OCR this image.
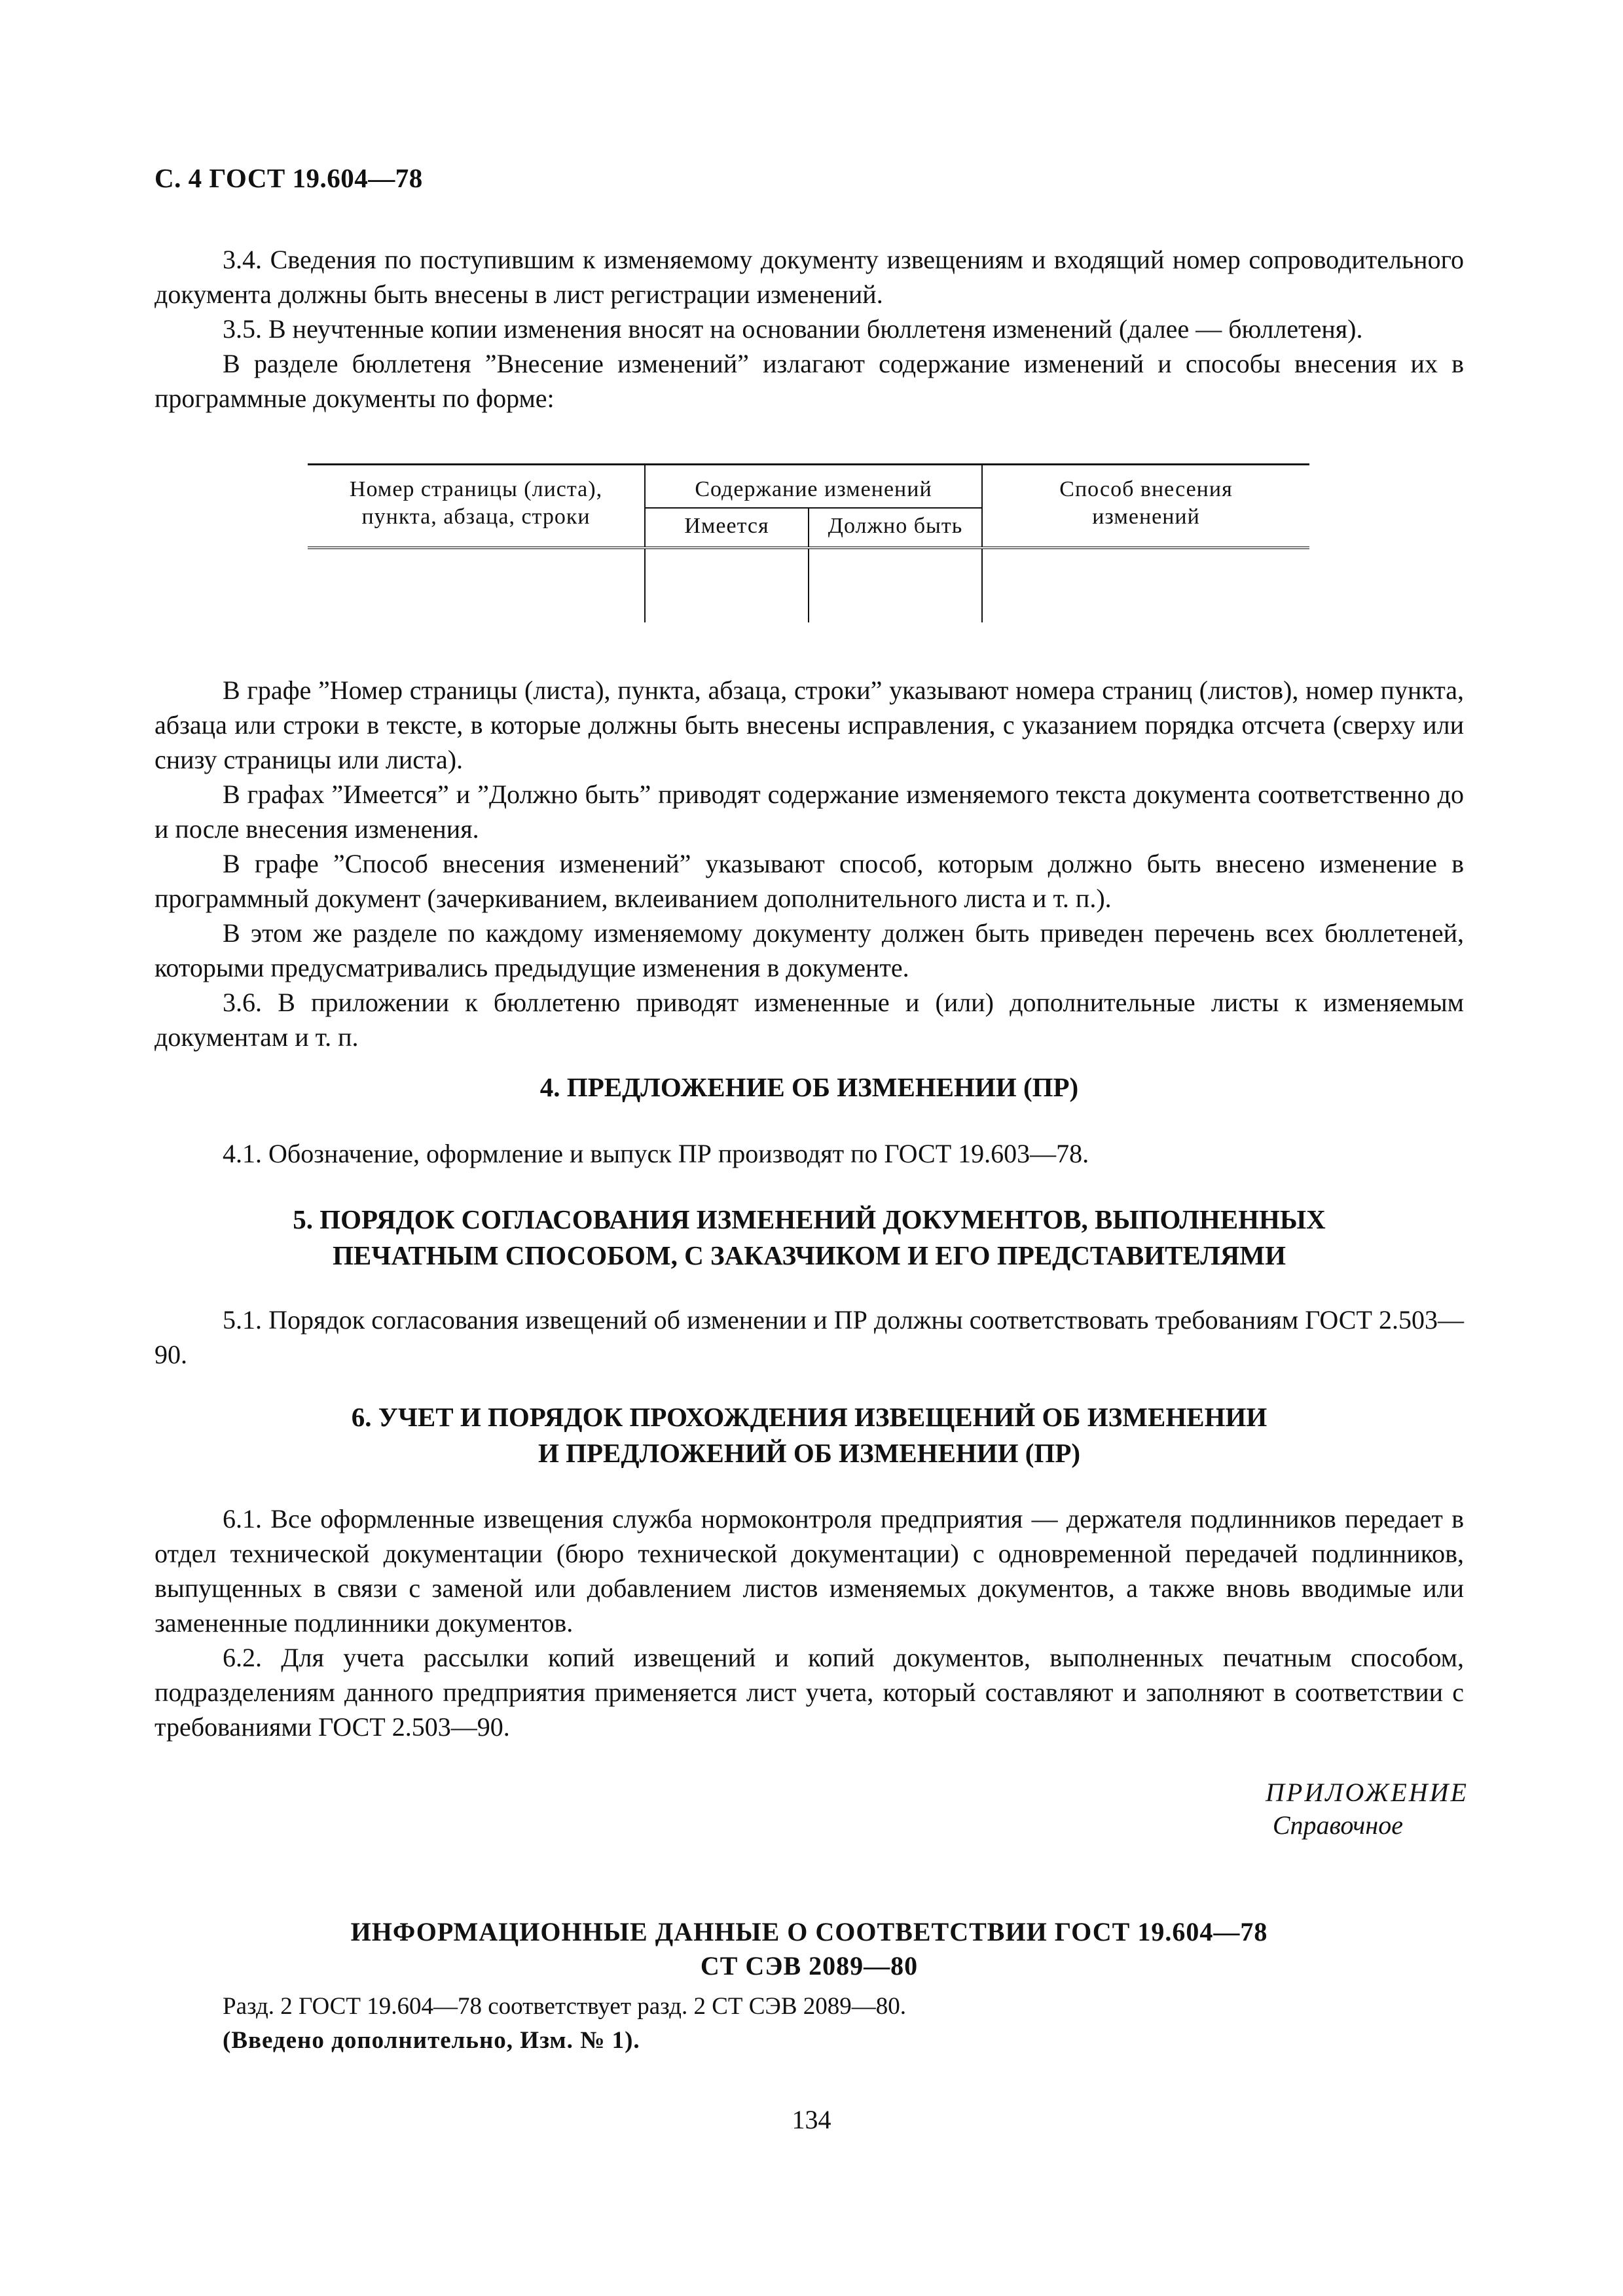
С. 4 ГОСТ 19.604—78

3.4. Сведения по поступившим к изменяемому документу извещениям и входящий номер сопроводительного документа должны быть внесены в лист регистрации изменений.

3.5. В неучтенные копии изменения вносят на основании бюллетеня изменений (далее — бюллетеня).

В разделе бюллетеня ”Внесение изменений” излагают содержание изменений и способы внесения их в программные документы по форме:

Номер страницы (листа),
пункта, абзаца, строки	Содержание изменений		Способ внесения
изменений

	Имеется	Должно быть	

В графе ”Номер страницы (листа), пункта, абзаца, строки” указывают номера страниц (листов), номер пункта, абзаца или строки в тексте, в которые должны быть внесены исправления, с указанием порядка отсчета (сверху или снизу страницы или листа).

В графах ”Имеется” и ”Должно быть” приводят содержание изменяемого текста документа соответственно до и после внесения изменения.

В графе ”Способ внесения изменений” указывают способ, которым должно быть внесено изменение в программный документ (зачеркиванием, вклеиванием дополнительного листа и т. п.).

В этом же разделе по каждому изменяемому документу должен быть приведен перечень всех бюллетеней, которыми предусматривались предыдущие изменения в документе.

3.6. В приложении к бюллетеню приводят измененные и (или) дополнительные листы к изменяемым документам и т. п.

4. ПРЕДЛОЖЕНИЕ ОБ ИЗМЕНЕНИИ (ПР)

4.1. Обозначение, оформление и выпуск ПР производят по ГОСТ 19.603—78.

5. ПОРЯДОК СОГЛАСОВАНИЯ ИЗМЕНЕНИЙ ДОКУМЕНТОВ, ВЫПОЛНЕННЫХ
ПЕЧАТНЫМ СПОСОБОМ, С ЗАКАЗЧИКОМ И ЕГО ПРЕДСТАВИТЕЛЯМИ

5.1. Порядок согласования извещений об изменении и ПР должны соответствовать требованиям ГОСТ 2.503—90.

6. УЧЕТ И ПОРЯДОК ПРОХОЖДЕНИЯ ИЗВЕЩЕНИЙ ОБ ИЗМЕНЕНИИ
И ПРЕДЛОЖЕНИЙ ОБ ИЗМЕНЕНИИ (ПР)

6.1. Все оформленные извещения служба нормоконтроля предприятия — держателя подлинников передает в отдел технической документации (бюро технической документации) с одновременной передачей подлинников, выпущенных в связи с заменой или добавлением листов изменяемых документов, а также вновь вводимые или замененные подлинники документов.

6.2. Для учета рассылки копий извещений и копий документов, выполненных печатным способом, подразделениям данного предприятия применяется лист учета, который составляют и заполняют в соответствии с требованиями ГОСТ 2.503—90.

ПРИЛОЖЕНИЕ
Справочное
ИНФОРМАЦИОННЫЕ ДАННЫЕ О СООТВЕТСТВИИ ГОСТ 19.604—78
СТ СЭВ 2089—80
Разд. 2 ГОСТ 19.604—78 соответствует разд. 2 СТ СЭВ 2089—80.
(Введено дополнительно, Изм. № 1).
134
